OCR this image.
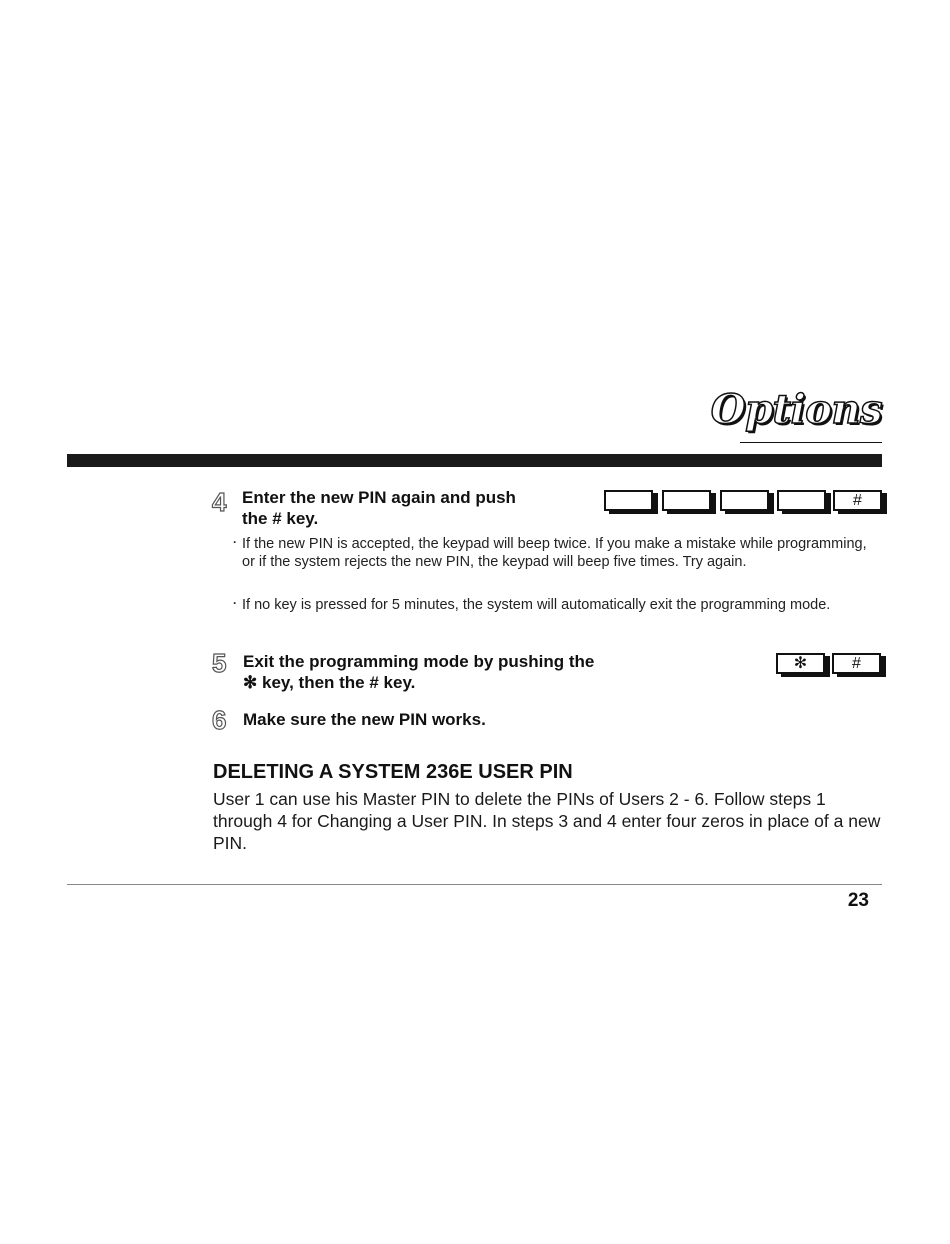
Options
4 Enter the new PIN again and push
the # key.
#
· If the new PIN is accepted, the keypad will beep twice. If you make a mistake while programming, or if the system rejects the new PIN, the keypad will beep five times. Try again.
· If no key is pressed for 5 minutes, the system will automatically exit the programming mode.
5 Exit the programming mode by pushing the
✻ key, then the # key.
✻	#
6 Make sure the new PIN works.
DELETING A SYSTEM 236E USER PIN
User 1 can use his Master PIN to delete the PINs of Users 2 - 6. Follow steps 1 through 4 for Changing a User PIN. In steps 3 and 4 enter four zeros in place of a new PIN.
23
